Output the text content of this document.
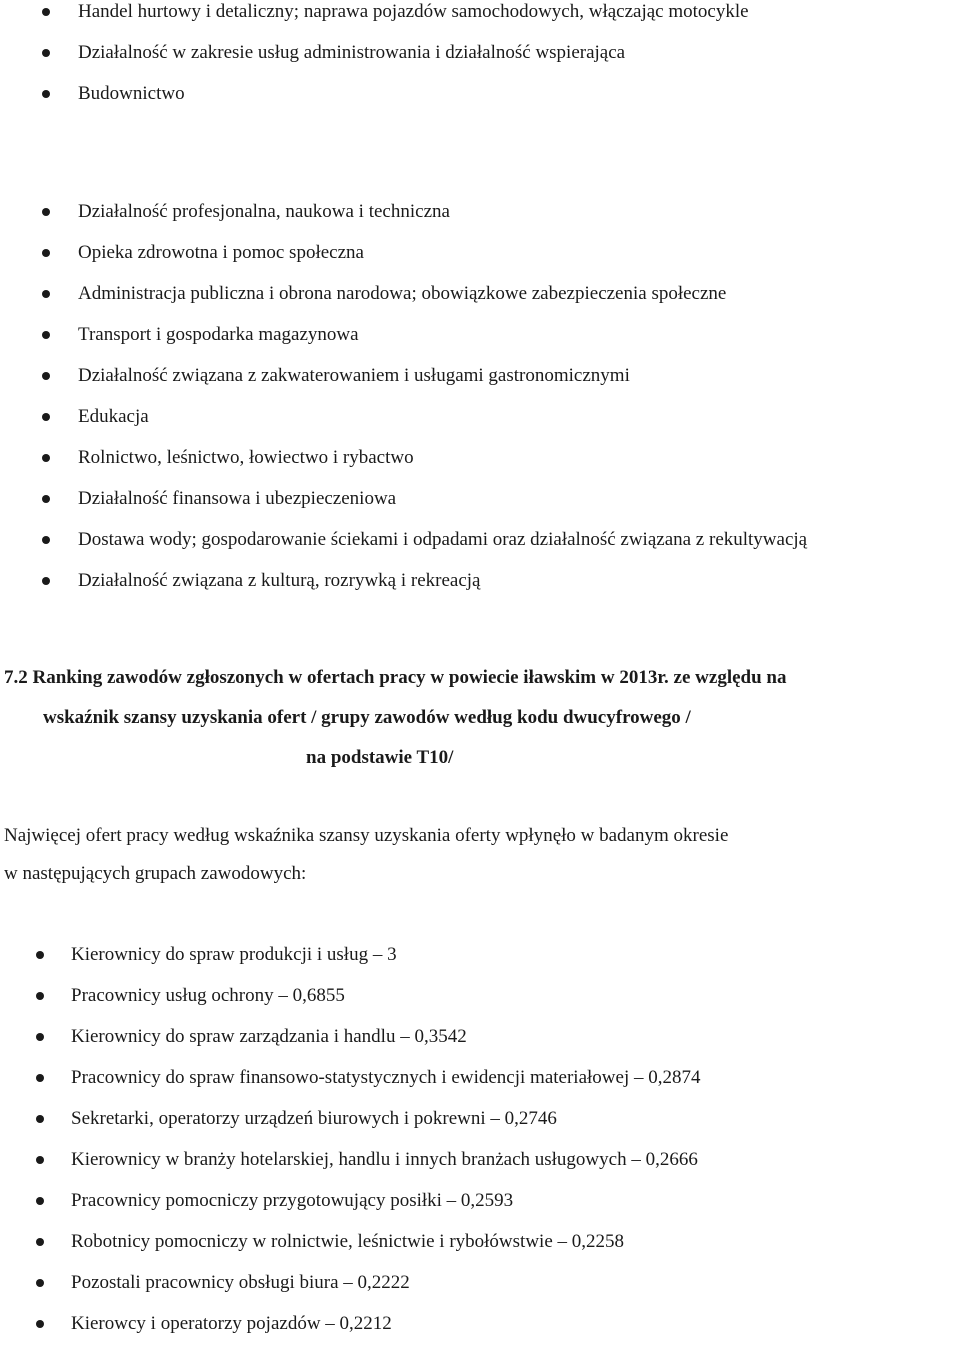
Handel hurtowy i detaliczny; naprawa pojazdów samochodowych, włączając motocykle
Działalność w zakresie usług administrowania i działalność wspierająca
Budownictwo
Działalność profesjonalna, naukowa i techniczna
Opieka zdrowotna i pomoc społeczna
Administracja publiczna i obrona narodowa; obowiązkowe zabezpieczenia społeczne
Transport i gospodarka magazynowa
Działalność związana z zakwaterowaniem i usługami gastronomicznymi
Edukacja
Rolnictwo, leśnictwo, łowiectwo i rybactwo
Działalność finansowa i ubezpieczeniowa
Dostawa wody; gospodarowanie ściekami i odpadami oraz działalność związana z rekultywacją
Działalność związana z kulturą, rozrywką i rekreacją
7.2 Ranking zawodów zgłoszonych w ofertach pracy w powiecie iławskim w 2013r. ze względu na
wskaźnik szansy uzyskania ofert / grupy zawodów według kodu dwucyfrowego /
na podstawie T10/
Najwięcej ofert pracy według wskaźnika szansy uzyskania oferty wpłynęło w badanym okresie
w następujących grupach zawodowych:
Kierownicy do spraw produkcji i usług – 3
Pracownicy usług ochrony – 0,6855
Kierownicy do spraw zarządzania i handlu – 0,3542
Pracownicy do spraw finansowo-statystycznych i ewidencji materiałowej – 0,2874
Sekretarki, operatorzy urządzeń biurowych i pokrewni – 0,2746
Kierownicy w branży hotelarskiej, handlu i innych branżach usługowych – 0,2666
Pracownicy pomocniczy przygotowujący posiłki – 0,2593
Robotnicy pomocniczy w rolnictwie, leśnictwie i rybołówstwie – 0,2258
Pozostali pracownicy obsługi biura – 0,2222
Kierowcy i operatorzy pojazdów – 0,2212
